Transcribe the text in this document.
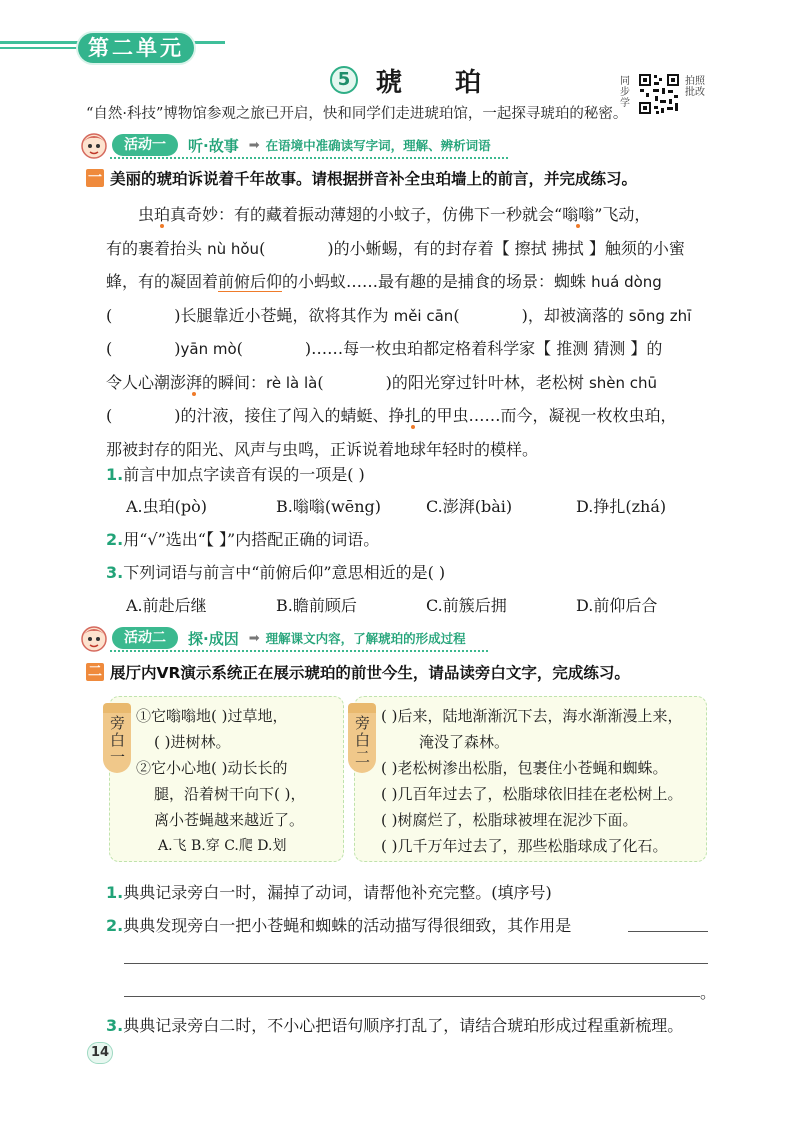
第二单元
5 琥 珀	同
步
学
拍照
批改
“自然·科技”博物馆参观之旅已开启，快和同学们走进琥珀馆，一起探寻琥珀的秘密。
活动一	听·故事 ➡ 在语境中准确读写字词，理解、辨析词语
一 美丽的琥珀诉说着千年故事。请根据拼音补全虫珀墙上的前言，并完成练习。
虫珀真奇妙：有的藏着振动薄翅的小蚊子，仿佛下一秒就会“嗡嗡”飞动，
有的裹着抬头 nù hǒu(	)的小蜥蜴，有的封存着【 擦拭 拂拭 】触须的小蜜
蜂，有的凝固着前俯后仰的小蚂蚁……最有趣的是捕食的场景：蜘蛛 huá dòng
(	)长腿靠近小苍蝇，欲将其作为 měi cān(	)，却被滴落的 sōng zhī
(	)yān mò(	)……每一枚虫珀都定格着科学家【 推测 猜测 】的
令人心潮澎湃的瞬间：rè là là(	)的阳光穿过针叶林，老松树 shèn chū
(	)的汁液，接住了闯入的蜻蜓、挣扎的甲虫……而今，凝视一枚枚虫珀，
那被封存的阳光、风声与虫鸣，正诉说着地球年轻时的模样。
1.前言中加点字读音有误的一项是( )
A.虫珀(pò)	B.嗡嗡(wēng)	C.澎湃(bài)	D.挣扎(zhá)
2.用“√”选出“【 】”内搭配正确的词语。
3.下列词语与前言中“前俯后仰”意思相近的是( )
A.前赴后继	B.瞻前顾后	C.前簇后拥	D.前仰后合
活动二	探·成因 ➡ 理解课文内容，了解琥珀的形成过程
二 展厅内VR演示系统正在展示琥珀的前世今生，请品读旁白文字，完成练习。
旁白一 ①它嗡嗡地( )过草地，
( )进树林。
②它小心地( )动长长的
腿，沿着树干向下( )，
离小苍蝇越来越近了。
A.飞 B.穿 C.爬 D.划
旁白二 ( )后来，陆地渐渐沉下去，海水渐渐漫上来，
淹没了森林。
( )老松树渗出松脂，包裹住小苍蝇和蜘蛛。
( )几百年过去了，松脂球依旧挂在老松树上。
( )树腐烂了，松脂球被埋在泥沙下面。
( )几千万年过去了，那些松脂球成了化石。
1.典典记录旁白一时，漏掉了动词，请帮他补充完整。(填序号)
2.典典发现旁白一把小苍蝇和蜘蛛的活动描写得很细致，其作用是
。
3.典典记录旁白二时，不小心把语句顺序打乱了，请结合琥珀形成过程重新梳理。
14
